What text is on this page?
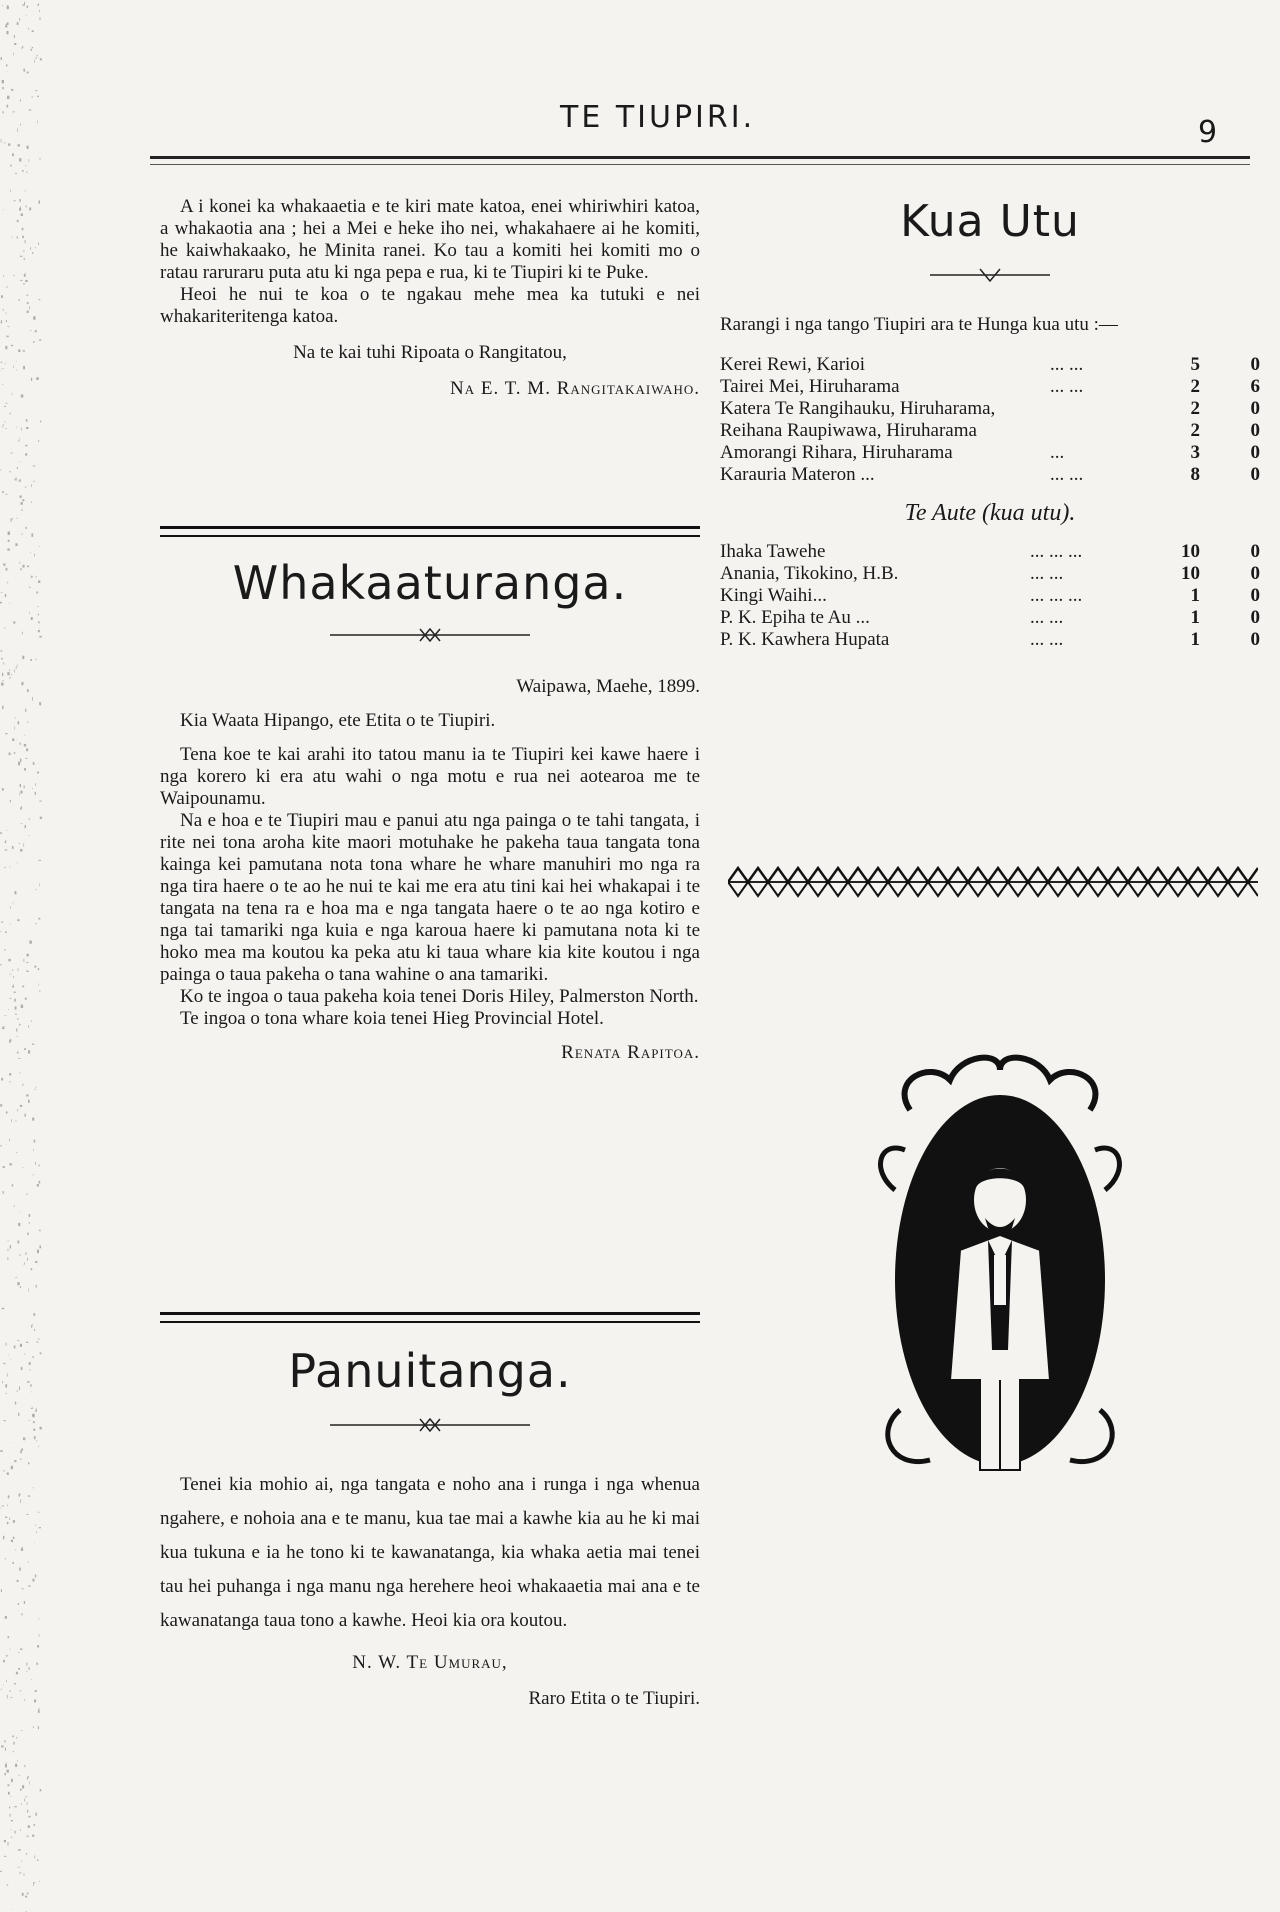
TE TIUPIRI.	9

A i konei ka whakaaetia e te kiri mate katoa, enei whiriwhiri katoa, a whakaotia ana ; hei a Mei e heke iho nei, whakahaere ai he komiti, he kaiwhakaako, he Minita ranei. Ko tau a komiti hei komiti mo o ratau raruraru puta atu ki nga pepa e rua, ki te Tiupiri ki te Puke.

Heoi he nui te koa o te ngakau mehe mea ka tutuki e nei whakariteritenga katoa.

Na te kai tuhi Ripoata o Rangitatou,

Na E. T. M. Rangitakaiwaho.

Whakaaturanga.

Waipawa, Maehe, 1899.

Kia Waata Hipango, ete Etita o te Tiupiri.

Tena koe te kai arahi ito tatou manu ia te Tiupiri kei kawe haere i nga korero ki era atu wahi o nga motu e rua nei aotearoa me te Waipounamu.

Na e hoa e te Tiupiri mau e panui atu nga painga o te tahi tangata, i rite nei tona aroha kite maori motuhake he pakeha taua tangata tona kainga kei pamutana nota tona whare he whare manuhiri mo nga ra nga tira haere o te ao he nui te kai me era atu tini kai hei whakapai i te tangata na tena ra e hoa ma e nga tangata haere o te ao nga kotiro e nga tai tamariki nga kuia e nga karoua haere ki pamutana nota ki te hoko mea ma koutou ka peka atu ki taua whare kia kite koutou i nga painga o taua pakeha o tana wahine o ana tamariki.

Ko te ingoa o taua pakeha koia tenei Doris Hiley, Palmerston North.

Te ingoa o tona whare koia tenei Hieg Provincial Hotel.

Renata Rapitoa.

Panuitanga.

Tenei kia mohio ai, nga tangata e noho ana i runga i nga whenua ngahere, e nohoia ana e te manu, kua tae mai a kawhe kia au he ki mai kua tukuna e ia he tono ki te kawanatanga, kia whaka aetia mai tenei tau hei puhanga i nga manu nga herehere heoi whakaaetia mai ana e te kawanatanga taua tono a kawhe. Heoi kia ora koutou.

N. W. Te Umurau,

Raro Etita o te Tiupiri.

Kua Utu

Rarangi i nga tango Tiupiri ara te Hunga kua utu :—

Kerei Rewi, Karioi	... ...	5	0
Tairei Mei, Hiruharama	... ...	2	6
Katera Te Rangihauku, Hiruharama,	2	0
Reihana Raupiwawa, Hiruharama	2	0
Amorangi Rihara, Hiruharama	...	3	0
Karauria Materon ...	... ...	8	0
Te Aute (kua utu).
Ihaka Tawehe	... ... ...	10	0
Anania, Tikokino, H.B.	... ...	10	0
Kingi Waihi...	... ... ...	1	0
P. K. Epiha te Au ...	... ...	1	0
P. K. Kawhera Hupata	... ...	1	0
